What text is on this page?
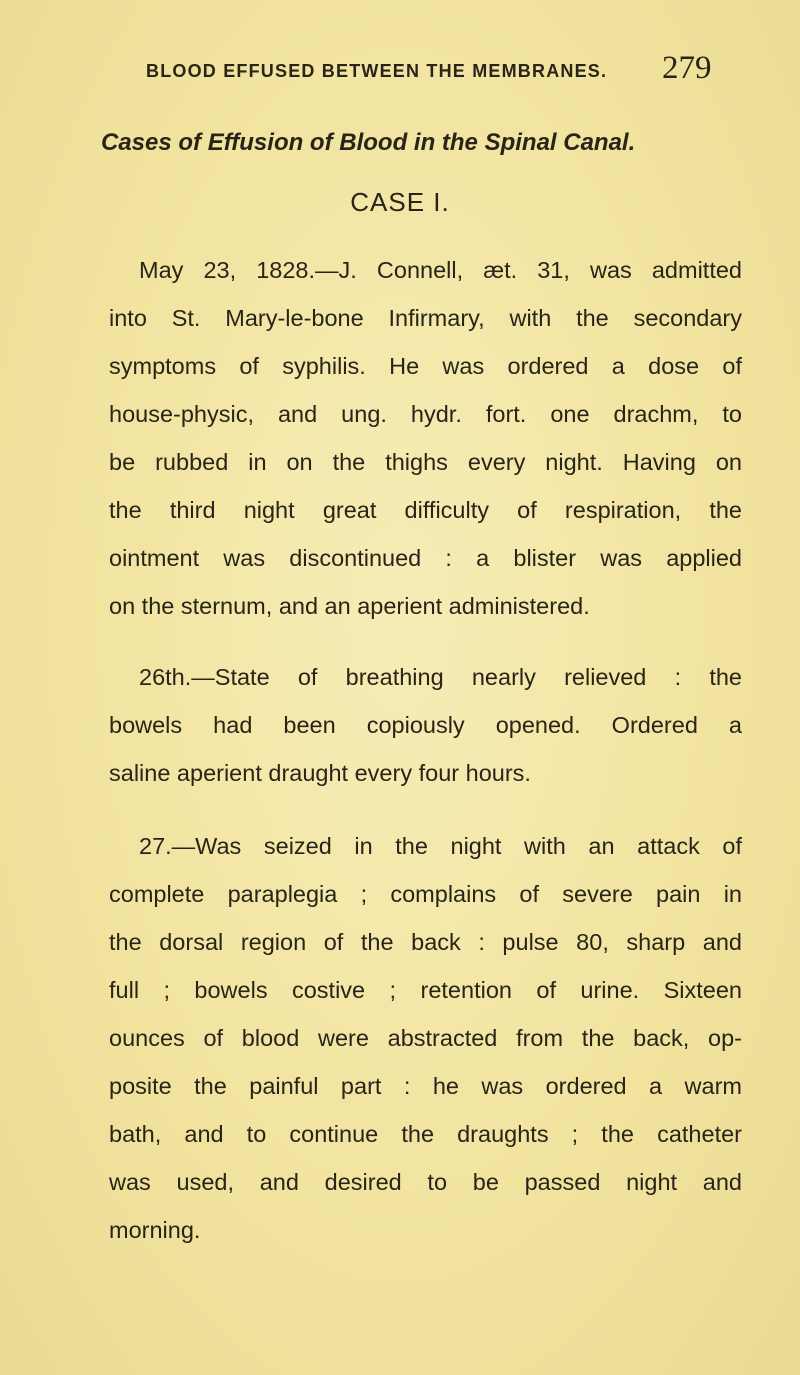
BLOOD EFFUSED BETWEEN THE MEMBRANES. 279
Cases of Effusion of Blood in the Spinal Canal.
CASE I.

May 23, 1828.—J. Connell, æt. 31, was admitted

into St. Mary-le-bone Infirmary, with the secondary

symptoms of syphilis. He was ordered a dose of

house-physic, and ung. hydr. fort. one drachm, to

be rubbed in on the thighs every night. Having on

the third night great difficulty of respiration, the

ointment was discontinued : a blister was applied

on the sternum, and an aperient administered.

26th.—State of breathing nearly relieved : the

bowels had been copiously opened. Ordered a

saline aperient draught every four hours.

27.—Was seized in the night with an attack of

complete paraplegia ; complains of severe pain in

the dorsal region of the back : pulse 80, sharp and

full ; bowels costive ; retention of urine. Sixteen

ounces of blood were abstracted from the back, op-

posite the painful part : he was ordered a warm

bath, and to continue the draughts ; the catheter

was used, and desired to be passed night and

morning.
